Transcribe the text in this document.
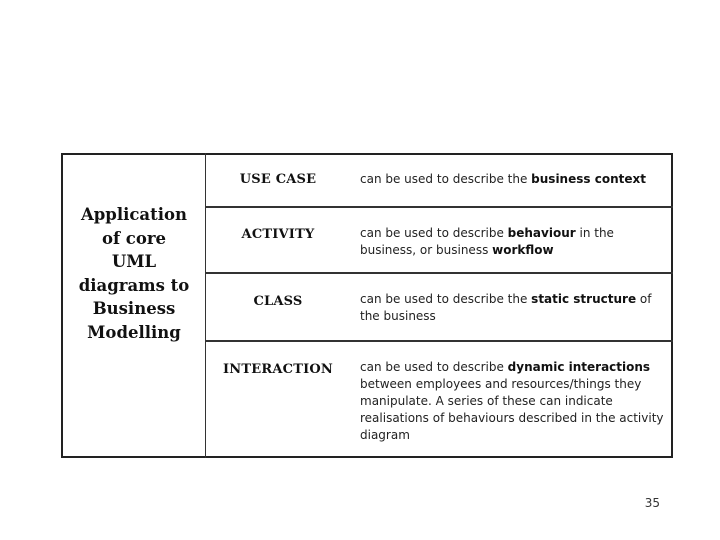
Application
of core
UML
diagrams to
Business
Modelling
USE CASE
ACTIVITY
CLASS
INTERACTION
can be used to describe the business context
can be used to describe behaviour in the business, or business workflow
can be used to describe the static structure of the business
can be used to describe dynamic interactions between employees and resources/things they manipulate. A series of these can indicate realisations of behaviours described in the activity diagram
35
